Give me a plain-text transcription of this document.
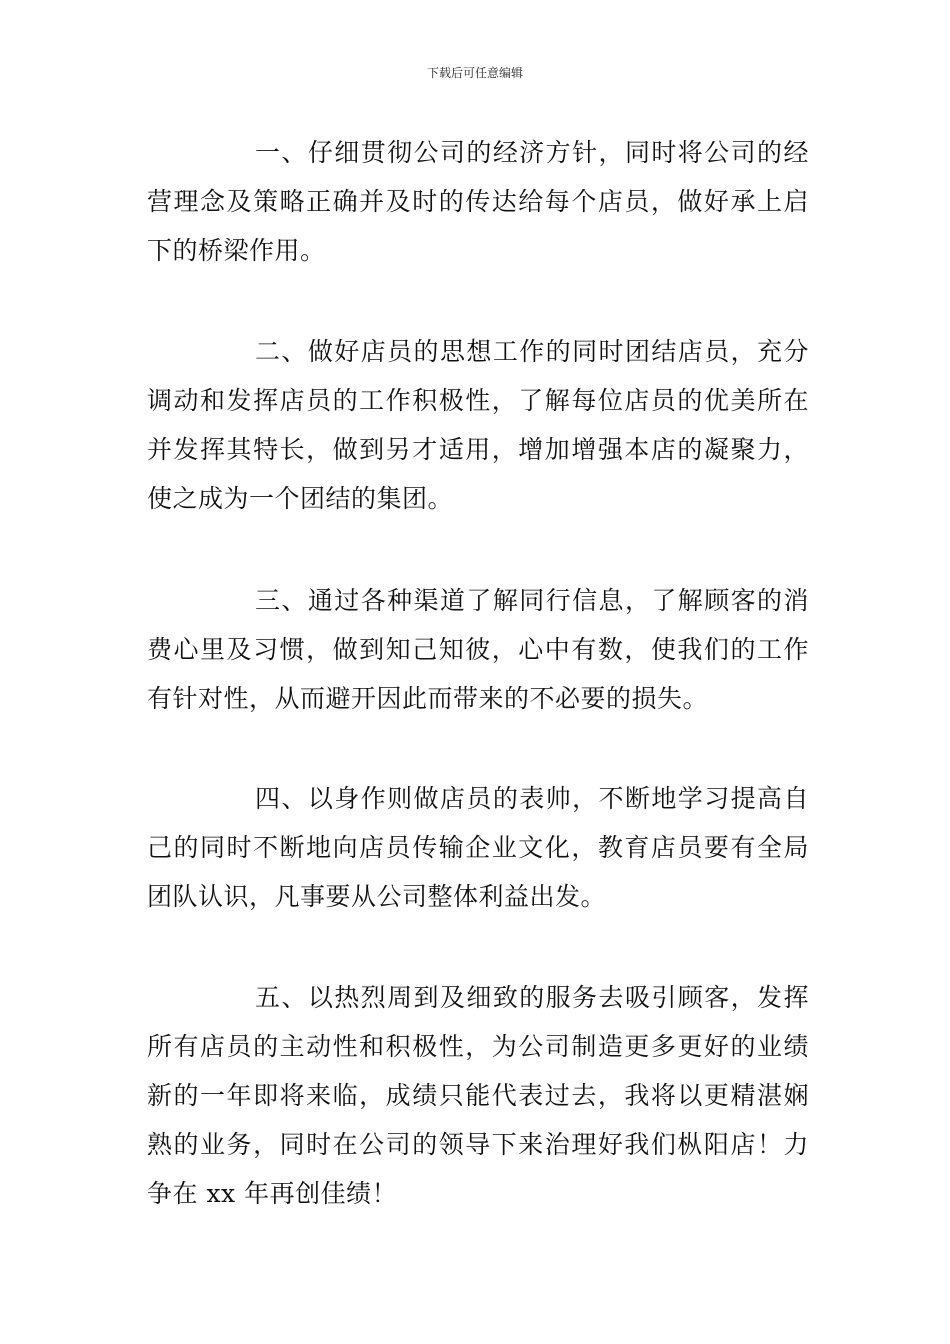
下载后可任意编辑

一、仔细贯彻公司的经济方针，同时将公司的经营理念及策略正确并及时的传达给每个店员，做好承上启下的桥梁作用。

二、做好店员的思想工作的同时团结店员，充分调动和发挥店员的工作积极性，了解每位店员的优美所在并发挥其特长，做到另才适用，增加增强本店的凝聚力，使之成为一个团结的集团。

三、通过各种渠道了解同行信息，了解顾客的消费心里及习惯，做到知己知彼，心中有数，使我们的工作有针对性，从而避开因此而带来的不必要的损失。

四、以身作则做店员的表帅，不断地学习提高自己的同时不断地向店员传输企业文化，教育店员要有全局团队认识，凡事要从公司整体利益出发。

五、以热烈周到及细致的服务去吸引顾客，发挥所有店员的主动性和积极性，为公司制造更多更好的业绩新的一年即将来临，成绩只能代表过去，我将以更精湛娴熟的业务，同时在公司的领导下来治理好我们枞阳店！力争在 xx 年再创佳绩！
